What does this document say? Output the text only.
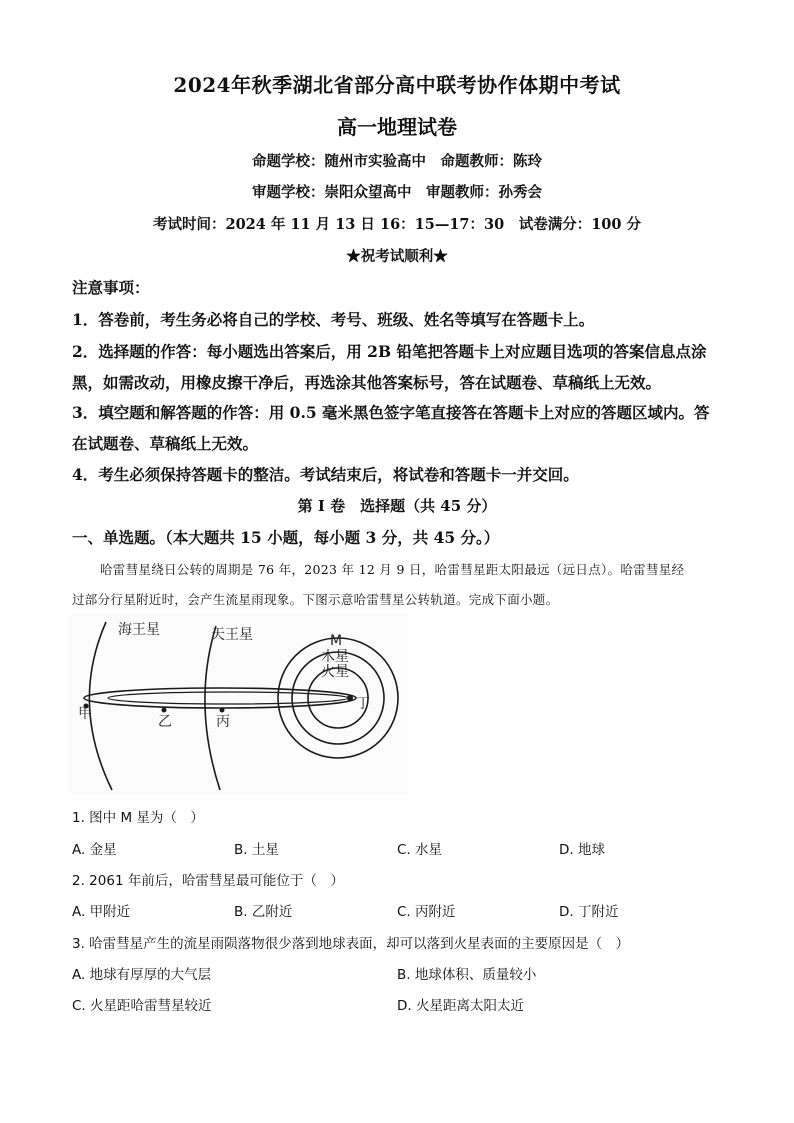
2024年秋季湖北省部分高中联考协作体期中考试
高一地理试卷
命题学校：随州市实验高中　命题教师：陈玲
审题学校：崇阳众望高中　审题教师：孙秀会
考试时间：2024 年 11 月 13 日 16：15—17：30　试卷满分：100 分
★祝考试顺利★
注意事项：
1．答卷前，考生务必将自己的学校、考号、班级、姓名等填写在答题卡上。
2．选择题的作答：每小题选出答案后，用 2B 铅笔把答题卡上对应题目选项的答案信息点涂
黑，如需改动，用橡皮擦干净后，再选涂其他答案标号，答在试题卷、草稿纸上无效。
3．填空题和解答题的作答：用 0.5 毫米黑色签字笔直接答在答题卡上对应的答题区域内。答
在试题卷、草稿纸上无效。
4．考生必须保持答题卡的整洁。考试结束后，将试卷和答题卡一并交回。
第 I 卷　选择题（共 45 分）
一、单选题。（本大题共 15 小题，每小题 3 分，共 45 分。）
哈雷彗星绕日公转的周期是 76 年，2023 年 12 月 9 日，哈雷彗星距太阳最远（远日点）。哈雷彗星经
过部分行星附近时，会产生流星雨现象。下图示意哈雷彗星公转轨道。完成下面小题。
海王星	天王星	M
木星
火星
甲	乙	丙
丁
1. 图中 M 星为（　）
A. 金星	B. 土星	C. 水星	D. 地球
2. 2061 年前后，哈雷彗星最可能位于（　）
A. 甲附近	B. 乙附近	C. 丙附近	D. 丁附近
3. 哈雷彗星产生的流星雨陨落物很少落到地球表面，却可以落到火星表面的主要原因是（　）
A. 地球有厚厚的大气层	B. 地球体积、质量较小
C. 火星距哈雷彗星较近	D. 火星距离太阳太近
